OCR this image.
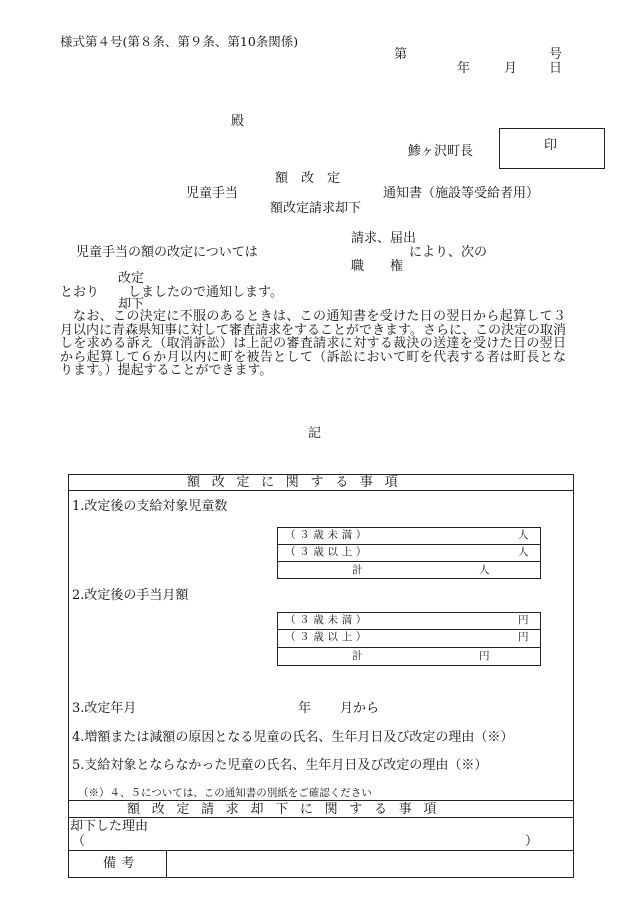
様式第４号(第８条、第９条、第10条関係)
第	号
年	月 日
殿
鯵ヶ沢町長	印
額　改　定
児童手当	通知書（施設等受給者用）
額改定請求却下
請求、届出
児童手当の額の改定については	により、次の
職　　権
改定
とおり しましたので通知します。
却下
なお、この決定に不服のあるときは、この通知書を受けた日の翌日から起算して３月以内に青森県知事に対して審査請求をすることができます。さらに、この決定の取消しを求める訴え（取消訴訟）は上記の審査請求に対する裁決の送達を受けた日の翌日から起算して６か月以内に町を被告として（訴訟において町を代表する者は町長となります。）提起することができます。
記
額改定に関する事項
1.改定後の支給対象児童数
（３歳未満）	人
（３歳以上）	人
計	人
2.改定後の手当月額
（３歳未満）	円
（３歳以上）	円
計	円
3.改定年月	年 月から
4.増額または減額の原因となる児童の氏名、生年月日及び改定の理由（※）
5.支給対象とならなかった児童の氏名、生年月日及び改定の理由（※）
（※）４、５については、この通知書の別紙をご確認ください
額改定請求却下に関する事項
却下した理由
（	）
備考
